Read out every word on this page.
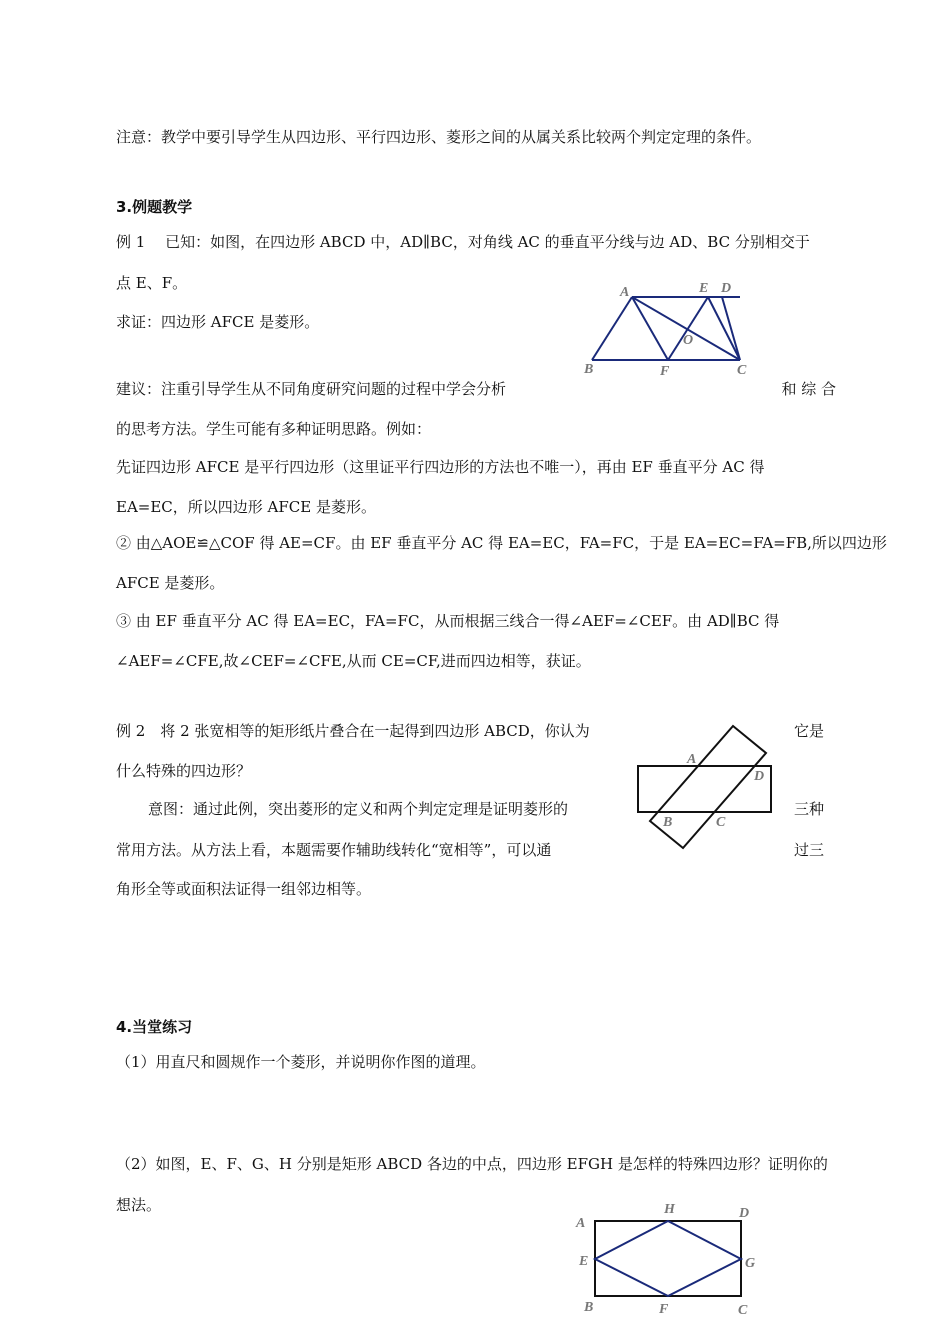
注意：教学中要引导学生从四边形、平行四边形、菱形之间的从属关系比较两个判定定理的条件。
3.例题教学
例 1　 已知：如图，在四边形 ABCD 中，AD∥BC，对角线 AC 的垂直平分线与边 AD、BC 分别相交于
点 E、F。
求证：四边形 AFCE 是菱形。
A	E D
O
B	F	C
建议：注重引导学生从不同角度研究问题的过程中学会分析	和 综 合
的思考方法。学生可能有多种证明思路。例如：
先证四边形 AFCE 是平行四边形（这里证平行四边形的方法也不唯一），再由 EF 垂直平分 AC 得
EA=EC，所以四边形 AFCE 是菱形。
② 由△AOE≌△COF 得 AE=CF。由 EF 垂直平分 AC 得 EA=EC，FA=FC，于是 EA=EC=FA=FB,所以四边形
AFCE 是菱形。
③ 由 EF 垂直平分 AC 得 EA=EC，FA=FC，从而根据三线合一得∠AEF=∠CEF。由 AD∥BC 得
∠AEF=∠CFE,故∠CEF=∠CFE,从而 CE=CF,进而四边相等，获证。
例 2　将 2 张宽相等的矩形纸片叠合在一起得到四边形 ABCD，你认为	它是
什么特殊的四边形？
意图：通过此例，突出菱形的定义和两个判定定理是证明菱形的	三种
常用方法。从方法上看，本题需要作辅助线转化“宽相等”，可以通	过三
角形全等或面积法证得一组邻边相等。
A
D
B	C
4.当堂练习
（1）用直尺和圆规作一个菱形，并说明你作图的道理。
（2）如图，E、F、G、H 分别是矩形 ABCD 各边的中点，四边形 EFGH 是怎样的特殊四边形？证明你的
想法。
A
H	D
E	G
B	F	C
